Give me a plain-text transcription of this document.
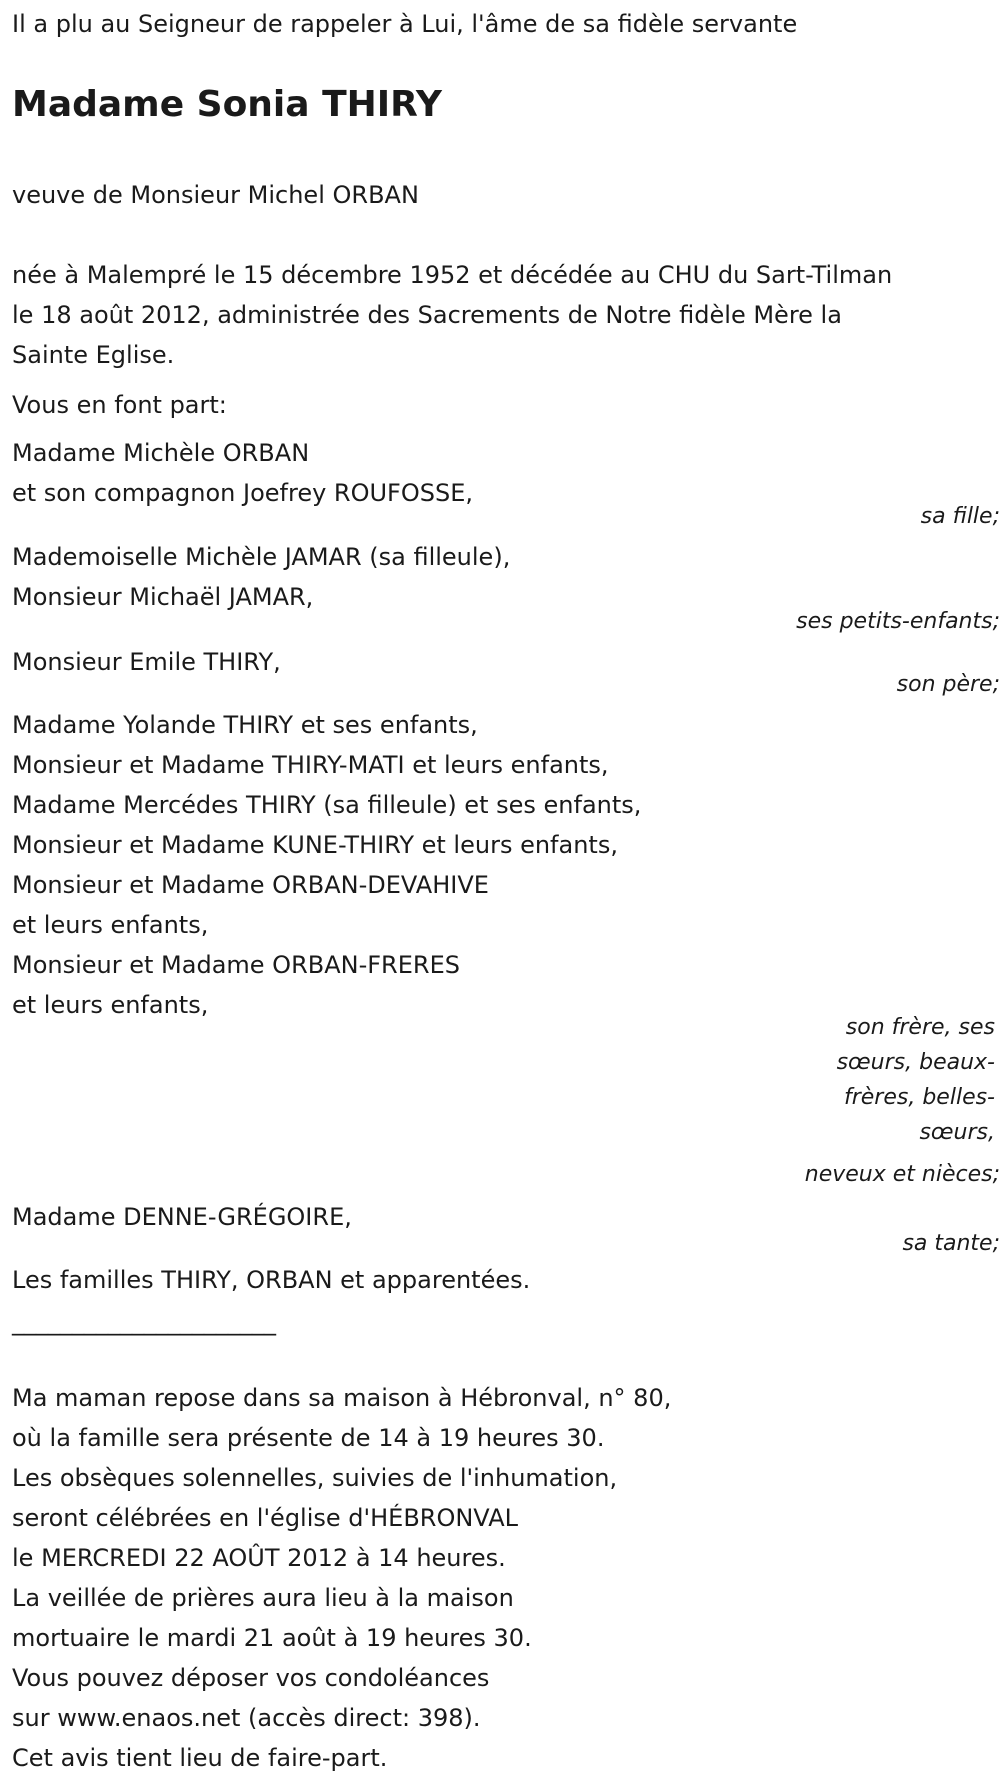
Il a plu au Seigneur de rappeler à Lui, l'âme de sa fidèle servante

Madame Sonia THIRY

veuve de Monsieur Michel ORBAN

née à Malempré le 15 décembre 1952 et décédée au CHU du Sart-Tilman
le 18 août 2012, administrée des Sacrements de Notre fidèle Mère la
Sainte Eglise.

Vous en font part:

Madame Michèle ORBAN
et son compagnon Joefrey ROUFOSSE,
sa fille;
Mademoiselle Michèle JAMAR (sa filleule),
Monsieur Michaël JAMAR,
ses petits-enfants;
Monsieur Emile THIRY,
son père;
Madame Yolande THIRY et ses enfants,
Monsieur et Madame THIRY-MATI et leurs enfants,
Madame Mercédes THIRY (sa filleule) et ses enfants,
Monsieur et Madame KUNE-THIRY et leurs enfants,
Monsieur et Madame ORBAN-DEVAHIVE
et leurs enfants,
Monsieur et Madame ORBAN-FRERES
et leurs enfants,
son frère, ses sœurs, beaux-frères, belles-sœurs,
neveux et nièces;
Madame DENNE-GRÉGOIRE,
sa tante;

Les familles THIRY, ORBAN et apparentées.

______________________

Ma maman repose dans sa maison à Hébronval, n° 80,
où la famille sera présente de 14 à 19 heures 30.
Les obsèques solennelles, suivies de l'inhumation,
seront célébrées en l'église d'HÉBRONVAL
le MERCREDI 22 AOÛT 2012 à 14 heures.
La veillée de prières aura lieu à la maison
mortuaire le mardi 21 août à 19 heures 30.
Vous pouvez déposer vos condoléances
sur www.enaos.net (accès direct: 398).
Cet avis tient lieu de faire-part.
